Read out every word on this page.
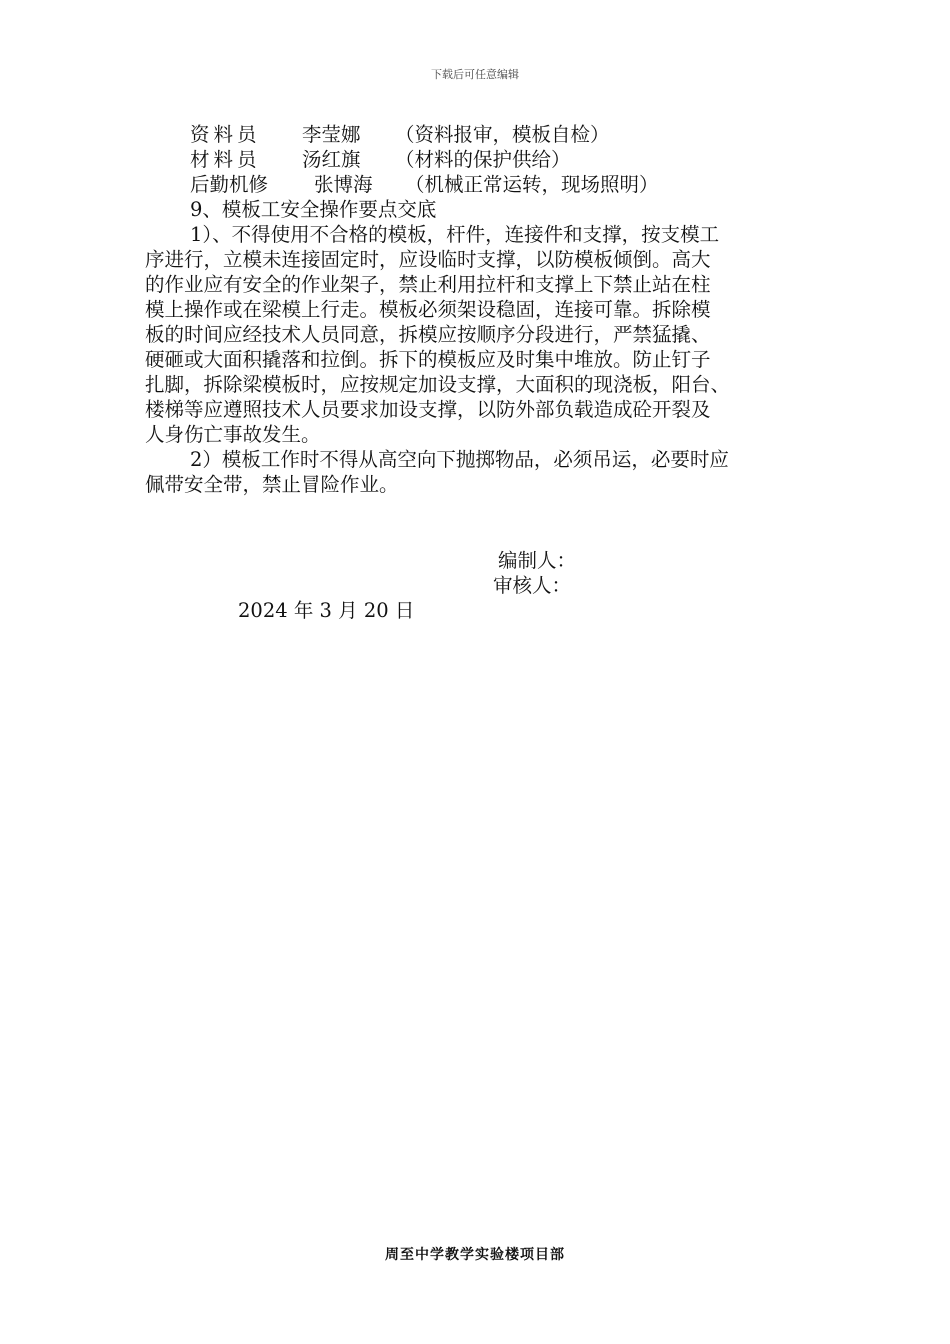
下载后可任意编辑
资料员 李莹娜 （资料报审，模板自检）
材料员 汤红旗 （材料的保护供给）
后勤机修 张博海 （机械正常运转，现场照明）
9、模板工安全操作要点交底
1）、不得使用不合格的模板，杆件，连接件和支撑，按支模工
序进行，立模未连接固定时，应设临时支撑，以防模板倾倒。高大
的作业应有安全的作业架子，禁止利用拉杆和支撑上下禁止站在柱
模上操作或在梁模上行走。模板必须架设稳固，连接可靠。拆除模
板的时间应经技术人员同意，拆模应按顺序分段进行，严禁猛撬、
硬砸或大面积撬落和拉倒。拆下的模板应及时集中堆放。防止钉子
扎脚，拆除梁模板时，应按规定加设支撑，大面积的现浇板，阳台、
楼梯等应遵照技术人员要求加设支撑，以防外部负载造成砼开裂及
人身伤亡事故发生。
2）模板工作时不得从高空向下抛掷物品，必须吊运，必要时应
佩带安全带，禁止冒险作业。
编制人：
审核人：
2024 年 3 月 20 日
周至中学教学实验楼项目部
